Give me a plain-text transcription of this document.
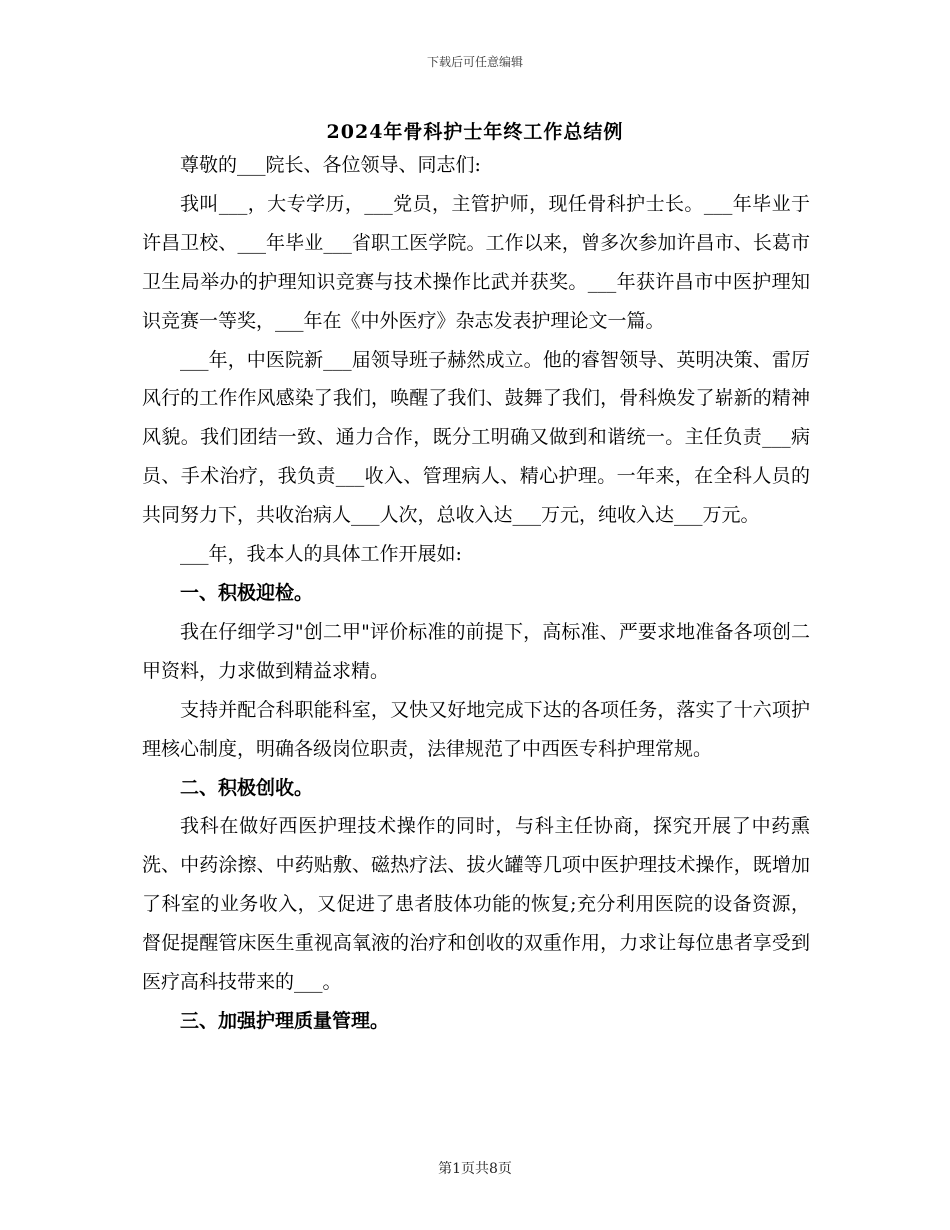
下载后可任意编辑
2024年骨科护士年终工作总结例

尊敬的___院长、各位领导、同志们:

我叫___，大专学历，___党员，主管护师，现任骨科护士长。___年毕业于许昌卫校、___年毕业___省职工医学院。工作以来，曾多次参加许昌市、长葛市卫生局举办的护理知识竞赛与技术操作比武并获奖。___年获许昌市中医护理知识竞赛一等奖，___年在《中外医疗》杂志发表护理论文一篇。

___年，中医院新___届领导班子赫然成立。他的睿智领导、英明决策、雷厉风行的工作作风感染了我们，唤醒了我们、鼓舞了我们，骨科焕发了崭新的精神风貌。我们团结一致、通力合作，既分工明确又做到和谐统一。主任负责___病员、手术治疗，我负责___收入、管理病人、精心护理。一年来，在全科人员的共同努力下，共收治病人___人次，总收入达___万元，纯收入达___万元。

___年，我本人的具体工作开展如:

一、积极迎检。

我在仔细学习"创二甲"评价标准的前提下，高标准、严要求地准备各项创二甲资料，力求做到精益求精。

支持并配合科职能科室，又快又好地完成下达的各项任务，落实了十六项护理核心制度，明确各级岗位职责，法律规范了中西医专科护理常规。

二、积极创收。

我科在做好西医护理技术操作的同时，与科主任协商，探究开展了中药熏洗、中药涂擦、中药贴敷、磁热疗法、拔火罐等几项中医护理技术操作，既增加了科室的业务收入，又促进了患者肢体功能的恢复;充分利用医院的设备资源，督促提醒管床医生重视高氧液的治疗和创收的双重作用，力求让每位患者享受到医疗高科技带来的___。

三、加强护理质量管理。

第1页共8页
